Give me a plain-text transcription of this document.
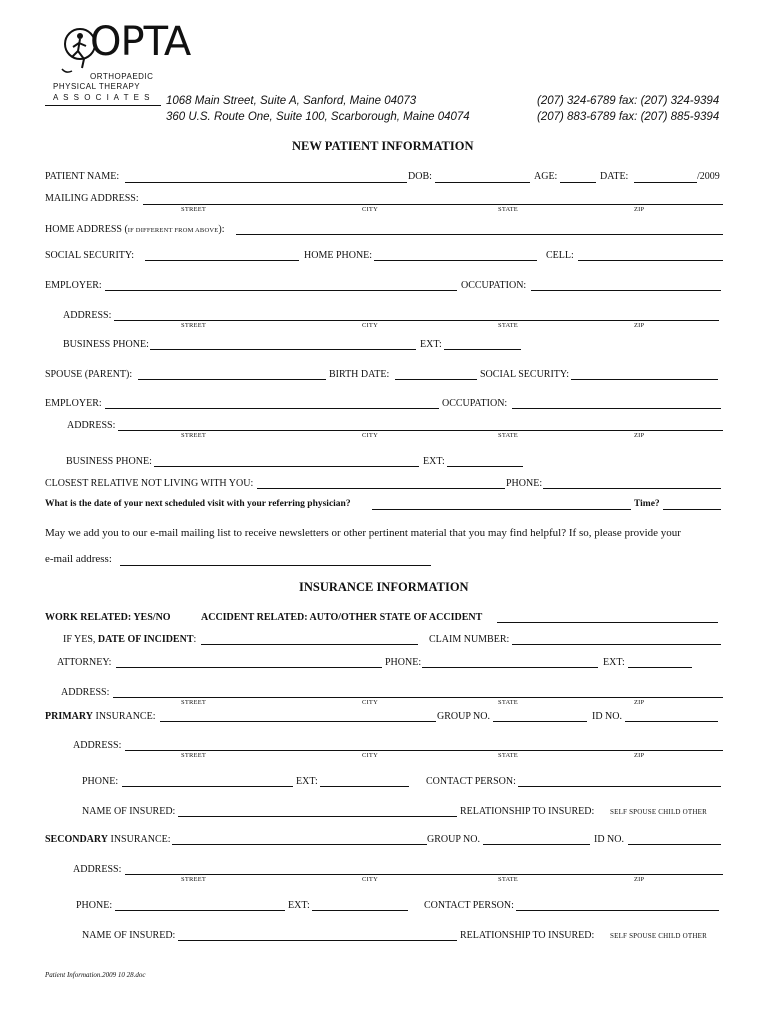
OPTA
ORTHOPAEDIC
PHYSICAL THERAPY
A S S O C I A T E S 1068 Main Street, Suite A, Sanford, Maine 04073
360 U.S. Route One, Suite 100, Scarborough, Maine 04074
(207) 324-6789 fax: (207) 324-9394
(207) 883-6789 fax: (207) 885-9394
NEW PATIENT INFORMATION
PATIENT NAME:	DOB:	AGE:	DATE:	/2009
MAILING ADDRESS:
STREET	CITY	STATE	ZIP
HOME ADDRESS (IF DIFFERENT FROM ABOVE):
SOCIAL SECURITY:	HOME PHONE:	CELL:
EMPLOYER:	OCCUPATION:
ADDRESS:
STREET	CITY	STATE	ZIP
BUSINESS PHONE:	EXT:
SPOUSE (PARENT):	BIRTH DATE:	SOCIAL SECURITY:
EMPLOYER:	OCCUPATION:
ADDRESS:
STREET	CITY	STATE	ZIP
BUSINESS PHONE:	EXT:
CLOSEST RELATIVE NOT LIVING WITH YOU:	PHONE:
What is the date of your next scheduled visit with your referring physician?	Time?
May we add you to our e-mail mailing list to receive newsletters or other pertinent material that you may find helpful? If so, please provide your
e-mail address:
INSURANCE INFORMATION
WORK RELATED: YES/NO	ACCIDENT RELATED: AUTO/OTHER STATE OF ACCIDENT
IF YES, DATE OF INCIDENT:	CLAIM NUMBER:
ATTORNEY:	PHONE:	EXT:
ADDRESS:
STREET	CITY	STATE	ZIP
PRIMARY INSURANCE:	GROUP NO.	ID NO.
ADDRESS:
STREET	CITY	STATE	ZIP
PHONE:	EXT:	CONTACT PERSON:
NAME OF INSURED:	RELATIONSHIP TO INSURED: SELF SPOUSE CHILD OTHER
SECONDARY INSURANCE:	GROUP NO.	ID NO.
ADDRESS:
STREET	CITY	STATE	ZIP
PHONE:	EXT:	CONTACT PERSON:
NAME OF INSURED:	RELATIONSHIP TO INSURED: SELF SPOUSE CHILD OTHER
Patient Information.2009 10 28.doc
